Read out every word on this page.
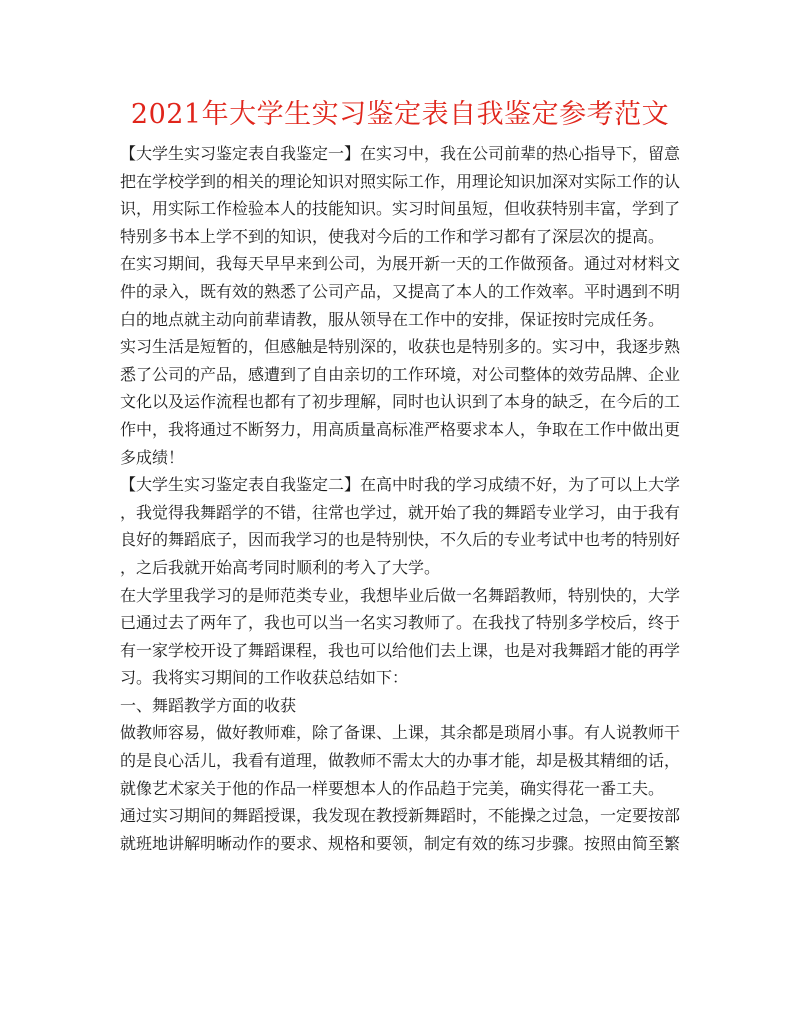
2021年大学生实习鉴定表自我鉴定参考范文
【大学生实习鉴定表自我鉴定一】在实习中，我在公司前辈的热心指导下，留意
把在学校学到的相关的理论知识对照实际工作，用理论知识加深对实际工作的认
识，用实际工作检验本人的技能知识。实习时间虽短，但收获特别丰富，学到了
特别多书本上学不到的知识，使我对今后的工作和学习都有了深层次的提高。
在实习期间，我每天早早来到公司，为展开新一天的工作做预备。通过对材料文
件的录入，既有效的熟悉了公司产品，又提高了本人的工作效率。平时遇到不明
白的地点就主动向前辈请教，服从领导在工作中的安排，保证按时完成任务。
实习生活是短暂的，但感触是特别深的，收获也是特别多的。实习中，我逐步熟
悉了公司的产品，感遭到了自由亲切的工作环境，对公司整体的效劳品牌、企业
文化以及运作流程也都有了初步理解，同时也认识到了本身的缺乏，在今后的工
作中，我将通过不断努力，用高质量高标准严格要求本人，争取在工作中做出更
多成绩！
【大学生实习鉴定表自我鉴定二】在高中时我的学习成绩不好，为了可以上大学
，我觉得我舞蹈学的不错，往常也学过，就开始了我的舞蹈专业学习，由于我有
良好的舞蹈底子，因而我学习的也是特别快，不久后的专业考试中也考的特别好
，之后我就开始高考同时顺利的考入了大学。
在大学里我学习的是师范类专业，我想毕业后做一名舞蹈教师，特别快的，大学
已通过去了两年了，我也可以当一名实习教师了。在我找了特别多学校后，终于
有一家学校开设了舞蹈课程，我也可以给他们去上课，也是对我舞蹈才能的再学
习。我将实习期间的工作收获总结如下：
一、舞蹈教学方面的收获
做教师容易，做好教师难，除了备课、上课，其余都是琐屑小事。有人说教师干
的是良心活儿，我看有道理，做教师不需太大的办事才能，却是极其精细的话，
就像艺术家关于他的作品一样要想本人的作品趋于完美，确实得花一番工夫。
通过实习期间的舞蹈授课，我发现在教授新舞蹈时，不能操之过急，一定要按部
就班地讲解明晰动作的要求、规格和要领，制定有效的练习步骤。按照由简至繁
